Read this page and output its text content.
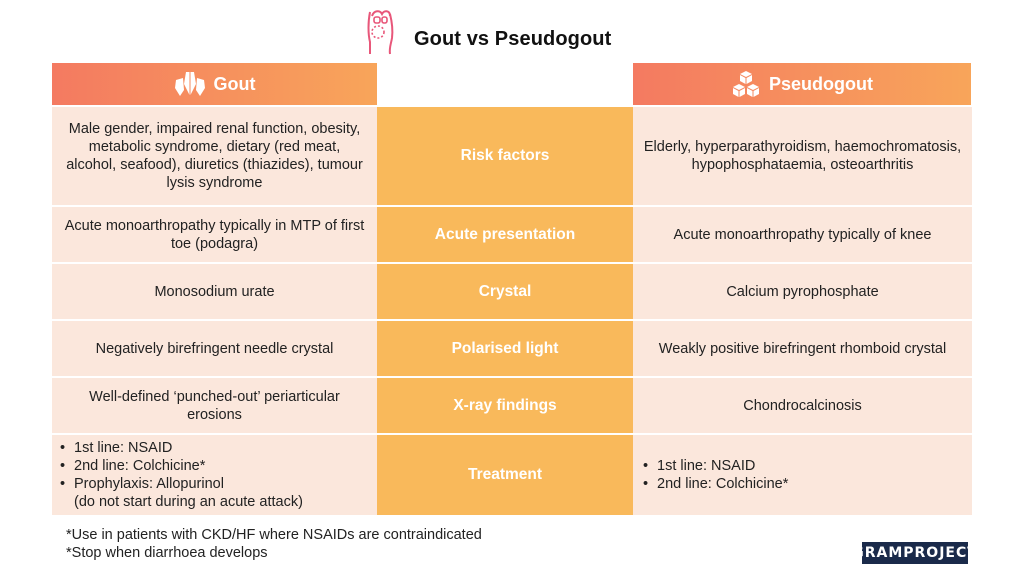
Gout vs Pseudogout
Gout	Pseudogout
Male gender, impaired renal function, obesity, metabolic syndrome, dietary (red meat, alcohol, seafood), diuretics (thiazides), tumour lysis syndrome
Risk factors	Elderly, hyperparathyroidism, haemochromatosis, hypophosphataemia, osteoarthritis
Acute monoarthropathy typically in MTP of first toe (podagra)
Acute presentation	Acute monoarthropathy typically of knee
Monosodium urate	Crystal	Calcium pyrophosphate
Negatively birefringent needle crystal	Polarised light	Weakly positive birefringent rhomboid crystal
Well-defined ‘punched-out’ periarticular erosions
X-ray findings	Chondrocalcinosis
• 1st line: NSAID
• 2nd line: Colchicine*
• Prophylaxis: Allopurinol
(do not start during an acute attack)
Treatment
•	1st line: NSAID
• 2nd line: Colchicine*
*Use in patients with CKD/HF where NSAIDs are contraindicated
*Stop when diarrhoea develops	GRAMPROJECT
